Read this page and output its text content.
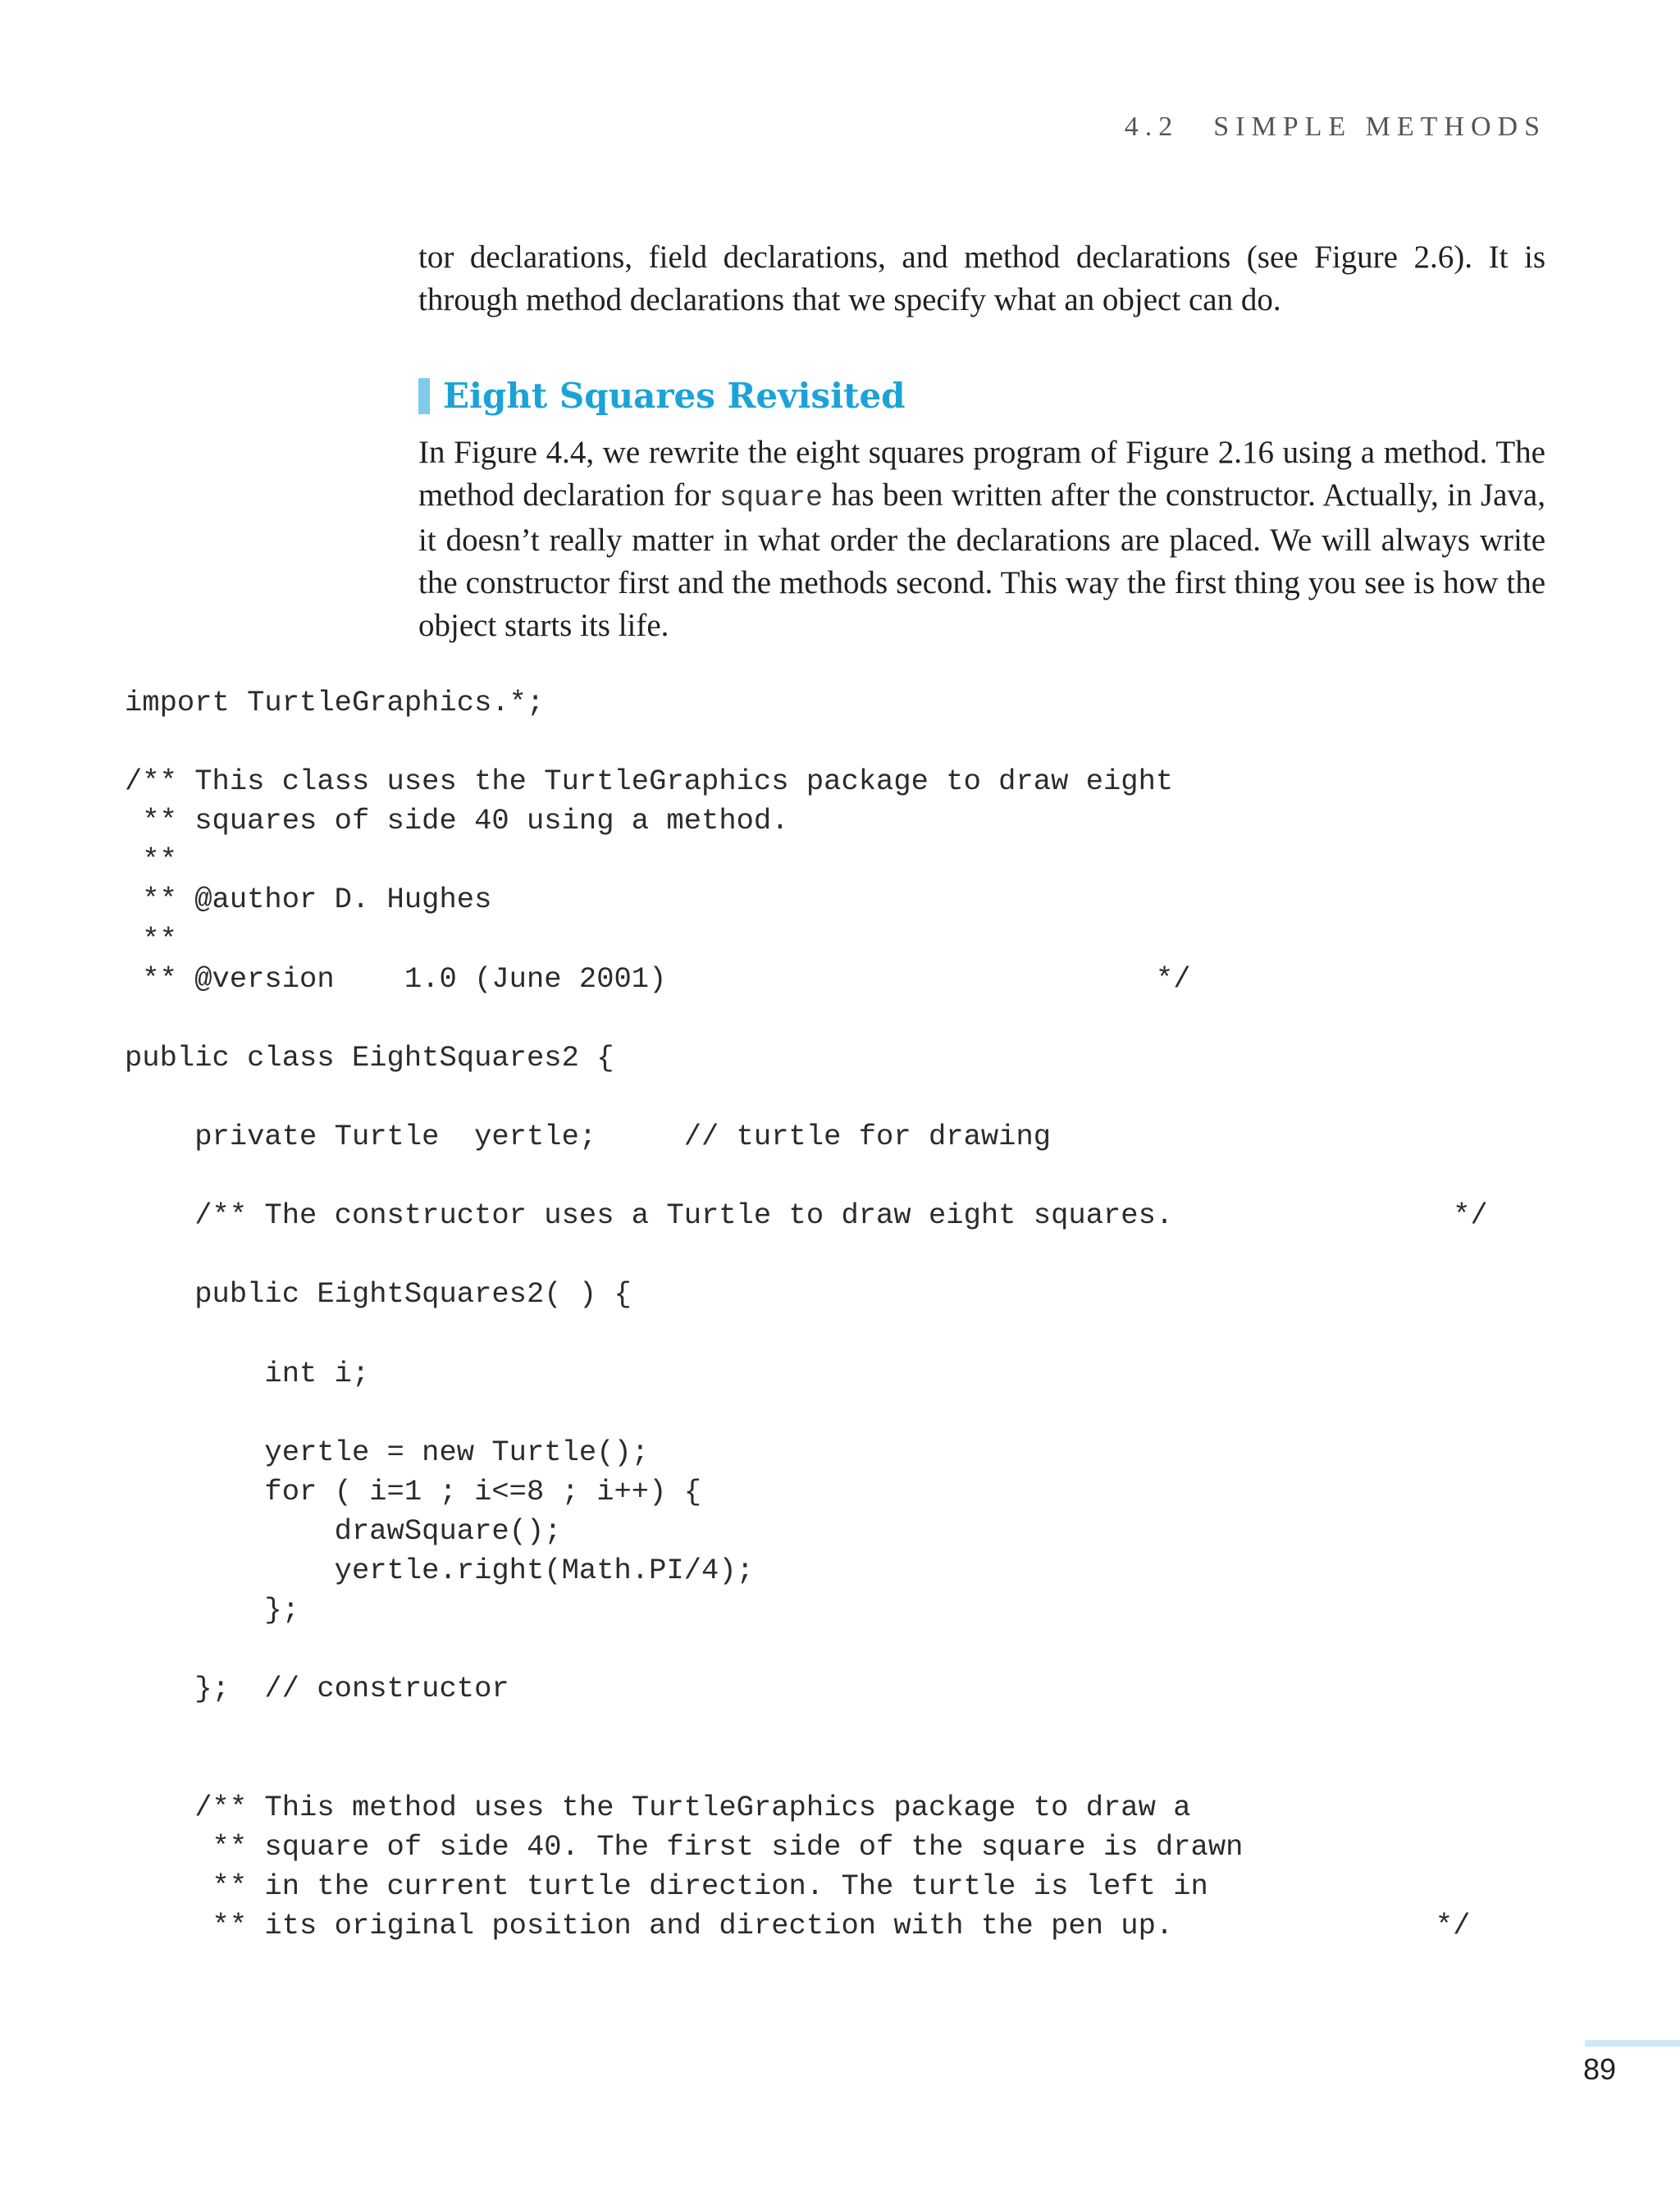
4.2 SIMPLE METHODS
tor declarations, field declarations, and method declarations (see Figure 2.6). It is through method declarations that we specify what an object can do.
Eight Squares Revisited
In Figure 4.4, we rewrite the eight squares program of Figure 2.16 using a method. The method declaration for square has been written after the constructor. Actually, in Java, it doesn’t really matter in what order the declarations are placed. We will always write the constructor first and the methods second. This way the first thing you see is how the object starts its life.
import TurtleGraphics.*;
/** This class uses the TurtleGraphics package to draw eight
** squares of side 40 using a method.
**
** @author D. Hughes
**
** @version    1.0 (June 2001)                            */
public class EightSquares2 {
private Turtle  yertle;     // turtle for drawing
/** The constructor uses a Turtle to draw eight squares.                */
public EightSquares2( ) {
int i;
yertle = new Turtle();
for ( i=1 ; i<=8 ; i++) {
drawSquare();
yertle.right(Math.PI/4);
};
};  // constructor
/** This method uses the TurtleGraphics package to draw a
** square of side 40. The first side of the square is drawn
** in the current turtle direction. The turtle is left in
** its original position and direction with the pen up.               */
89
